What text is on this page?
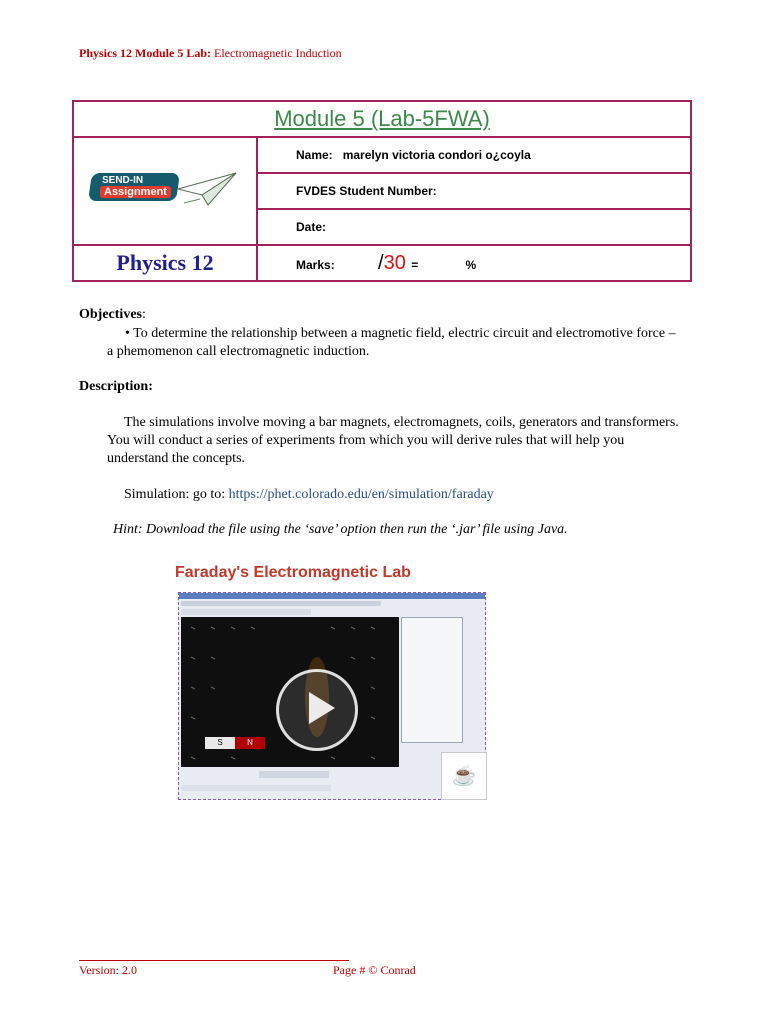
Physics 12 Module 5 Lab: Electromagnetic Induction
Module 5 (Lab-5FWA)	

SEND-IN
Assignment	Name: marelyn victoria condori o¿coyla
	FVDES Student Number:
	Date:
Physics 12	Marks: /30 = %
Objectives:
• To determine the relationship between a magnetic field, electric circuit and electromotive force – a phemomenon call electromagnetic induction.
Description:
The simulations involve moving a bar magnets, electromagnets, coils, generators and transformers. You will conduct a series of experiments from which you will derive rules that will help you understand the concepts.
Simulation: go to: https://phet.colorado.edu/en/simulation/faraday
Hint: Download the file using the ‘save’ option then run the ‘.jar’ file using Java.
Faraday's Electromagnetic Lab
S	N
☕
Version: 2.0	Page # © Conrad
